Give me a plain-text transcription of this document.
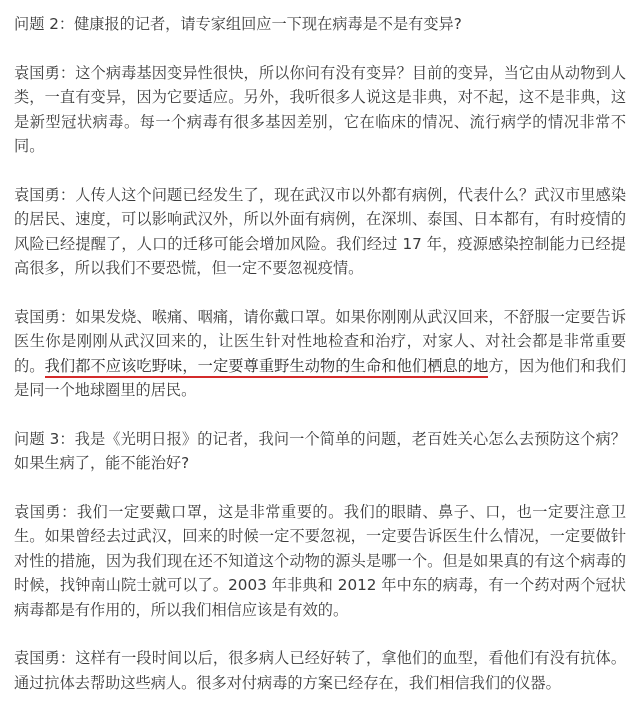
问题 2：健康报的记者，请专家组回应一下现在病毒是不是有变异?

袁国勇：这个病毒基因变异性很快，所以你问有没有变异？目前的变异，当它由从动物到人类，一直有变异，因为它要适应。另外，我听很多人说这是非典，对不起，这不是非典，这是新型冠状病毒。每一个病毒有很多基因差别，它在临床的情况、流行病学的情况非常不同。

袁国勇：人传人这个问题已经发生了，现在武汉市以外都有病例，代表什么？武汉市里感染的居民、速度，可以影响武汉外，所以外面有病例，在深圳、泰国、日本都有，有时疫情的风险已经提醒了，人口的迁移可能会增加风险。我们经过 17 年，疫源感染控制能力已经提高很多，所以我们不要恐慌，但一定不要忽视疫情。

袁国勇：如果发烧、喉痛、咽痛，请你戴口罩。如果你刚刚从武汉回来，不舒服一定要告诉医生你是刚刚从武汉回来的，让医生针对性地检查和治疗，对家人、对社会都是非常重要的。我们都不应该吃野味，一定要尊重野生动物的生命和他们栖息的地方，因为他们和我们是同一个地球圈里的居民。

问题 3：我是《光明日报》的记者，我问一个简单的问题，老百姓关心怎么去预防这个病？如果生病了，能不能治好?

袁国勇：我们一定要戴口罩，这是非常重要的。我们的眼睛、鼻子、口，也一定要注意卫生。如果曾经去过武汉，回来的时候一定不要忽视，一定要告诉医生什么情况，一定要做针对性的措施，因为我们现在还不知道这个动物的源头是哪一个。但是如果真的有这个病毒的时候，找钟南山院士就可以了。2003 年非典和 2012 年中东的病毒，有一个药对两个冠状病毒都是有作用的，所以我们相信应该是有效的。

袁国勇：这样有一段时间以后，很多病人已经好转了，拿他们的血型，看他们有没有抗体。通过抗体去帮助这些病人。很多对付病毒的方案已经存在，我们相信我们的仪器。
